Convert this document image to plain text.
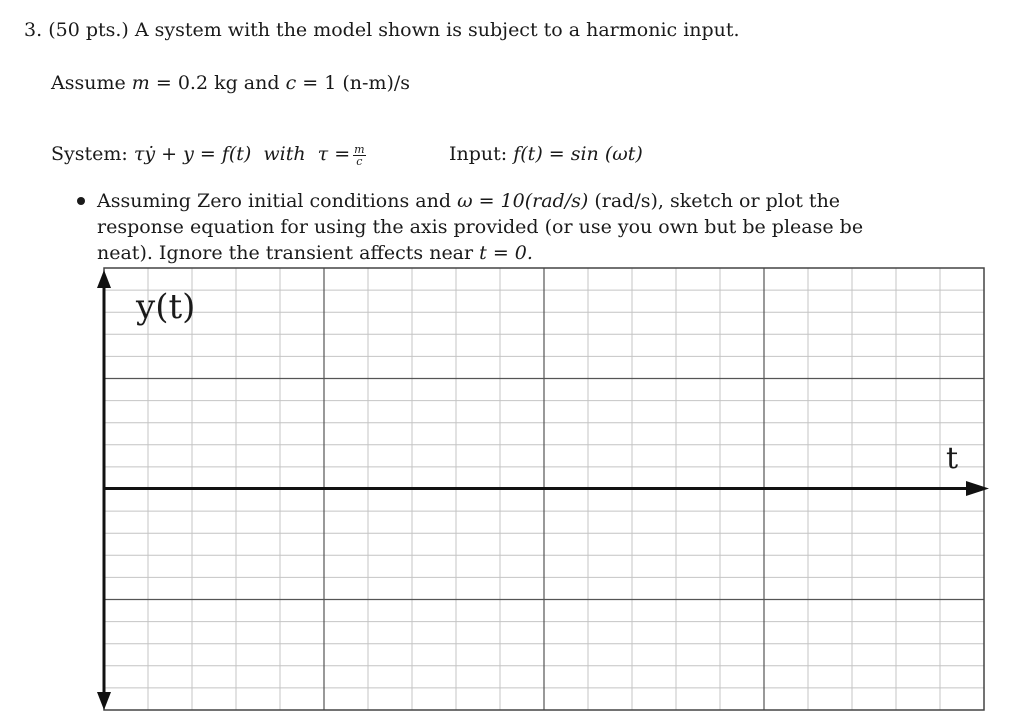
3. (50 pts.) A system with the model shown is subject to a harmonic input.
Assume m = 0.2 kg and c = 1 (n-m)/s
System: τẏ + y = f(t) with $\tau = \frac{m}{c}$	Input: f(t) = sin (ωt)
Assuming Zero initial conditions and ω = 10(rad/s) (rad/s), sketch or plot the response equation for using the axis provided (or use you own but be please be neat). Ignore the transient affects near t = 0.
y(t)
t
